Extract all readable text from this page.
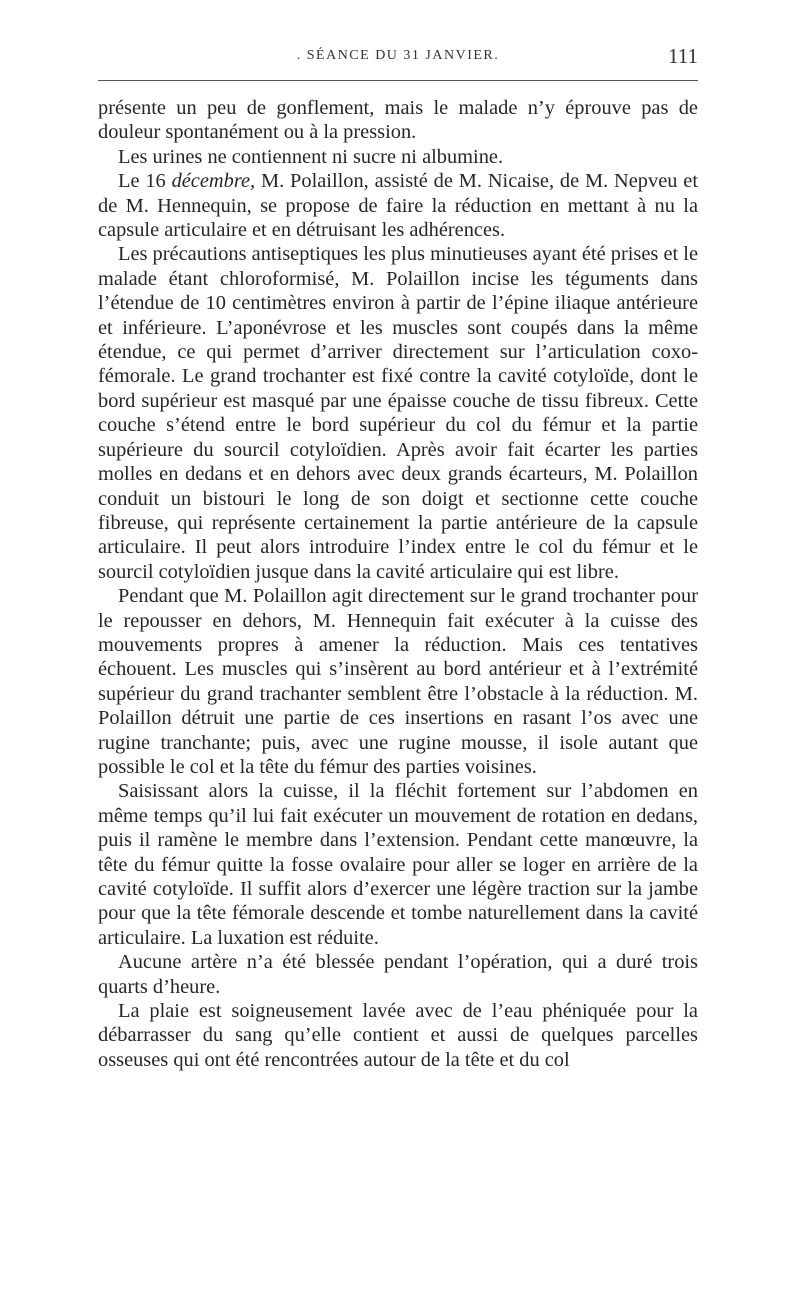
. SÉANCE DU 31 JANVIER.	111

présente un peu de gonflement, mais le malade n’y éprouve pas de douleur spontanément ou à la pression.

Les urines ne contiennent ni sucre ni albumine.

Le 16 décembre, M. Polaillon, assisté de M. Nicaise, de M. Nepveu et de M. Hennequin, se propose de faire la réduction en mettant à nu la capsule articulaire et en détruisant les adhérences.

Les précautions antiseptiques les plus minutieuses ayant été prises et le malade étant chloroformisé, M. Polaillon incise les téguments dans l’étendue de 10 centimètres environ à partir de l’épine iliaque antérieure et inférieure. L’aponévrose et les muscles sont coupés dans la même étendue, ce qui permet d’arriver directement sur l’articulation coxo-fémorale. Le grand trochanter est fixé contre la cavité cotyloïde, dont le bord supérieur est masqué par une épaisse couche de tissu fibreux. Cette couche s’étend entre le bord supérieur du col du fémur et la partie supérieure du sourcil cotyloïdien. Après avoir fait écarter les parties molles en dedans et en dehors avec deux grands écarteurs, M. Polaillon conduit un bistouri le long de son doigt et sectionne cette couche fibreuse, qui représente certainement la partie antérieure de la capsule articulaire. Il peut alors introduire l’index entre le col du fémur et le sourcil cotyloïdien jusque dans la cavité articulaire qui est libre.

Pendant que M. Polaillon agit directement sur le grand trochanter pour le repousser en dehors, M. Hennequin fait exécuter à la cuisse des mouvements propres à amener la réduction. Mais ces tentatives échouent. Les muscles qui s’insèrent au bord antérieur et à l’extrémité supérieur du grand trachanter semblent être l’obstacle à la réduction. M. Polaillon détruit une partie de ces insertions en rasant l’os avec une rugine tranchante; puis, avec une rugine mousse, il isole autant que possible le col et la tête du fémur des parties voisines.

Saisissant alors la cuisse, il la fléchit fortement sur l’abdomen en même temps qu’il lui fait exécuter un mouvement de rotation en dedans, puis il ramène le membre dans l’extension. Pendant cette manœuvre, la tête du fémur quitte la fosse ovalaire pour aller se loger en arrière de la cavité cotyloïde. Il suffit alors d’exercer une légère traction sur la jambe pour que la tête fémorale descende et tombe naturellement dans la cavité articulaire. La luxation est réduite.

Aucune artère n’a été blessée pendant l’opération, qui a duré trois quarts d’heure.

La plaie est soigneusement lavée avec de l’eau phéniquée pour la débarrasser du sang qu’elle contient et aussi de quelques parcelles osseuses qui ont été rencontrées autour de la tête et du col
